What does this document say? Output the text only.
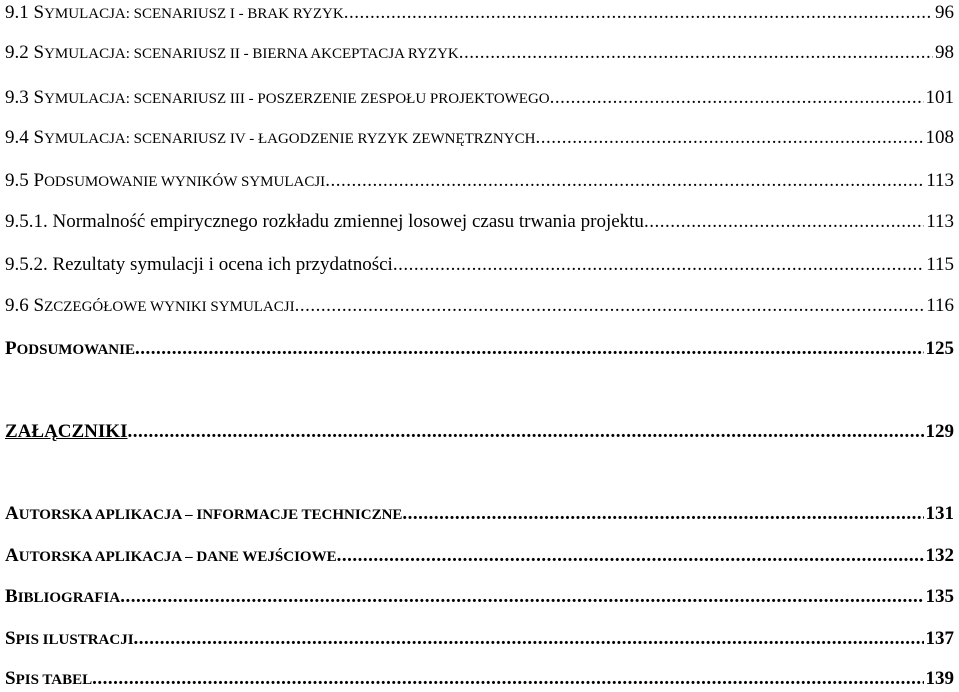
9.1 SYMULACJA: SCENARIUSZ I - BRAK RYZYK .....	96
9.2 SYMULACJA: SCENARIUSZ II - BIERNA AKCEPTACJA RYZYK .....	98
9.3 SYMULACJA: SCENARIUSZ III - POSZERZENIE ZESPOŁU PROJEKTOWEGO .....	101
9.4 SYMULACJA: SCENARIUSZ IV - ŁAGODZENIE RYZYK ZEWNĘTRZNYCH .....	108
9.5 PODSUMOWANIE WYNIKÓW SYMULACJI .....	113
9.5.1. Normalność empirycznego rozkładu zmiennej losowej czasu trwania projektu .....	113
9.5.2. Rezultaty symulacji i ocena ich przydatności .....	115
9.6 SZCZEGÓŁOWE WYNIKI SYMULACJI .....	116
PODSUMOWANIE .....	125
ZAŁĄCZNIKI .....	129
AUTORSKA APLIKACJA – INFORMACJE TECHNICZNE .....	131
AUTORSKA APLIKACJA – DANE WEJŚCIOWE .....	132
BIBLIOGRAFIA .....	135
SPIS ILUSTRACJI .....	137
SPIS TABEL .....	139
